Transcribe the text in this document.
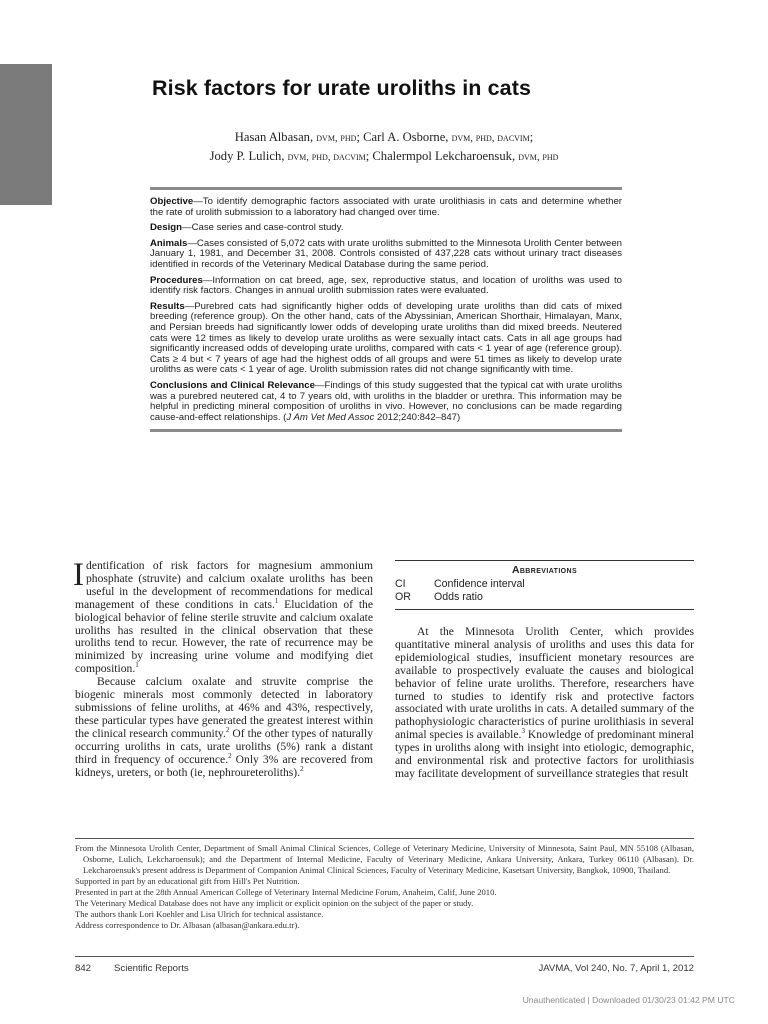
Risk factors for urate uroliths in cats
Hasan Albasan, dvm, phd; Carl A. Osborne, dvm, phd, dacvim;
Jody P. Lulich, dvm, phd, dacvim; Chalermpol Lekcharoensuk, dvm, phd

Objective—To identify demographic factors associated with urate urolithiasis in cats and determine whether the rate of urolith submission to a laboratory had changed over time.

Design—Case series and case-control study.

Animals—Cases consisted of 5,072 cats with urate uroliths submitted to the Minnesota Urolith Center between January 1, 1981, and December 31, 2008. Controls consisted of 437,228 cats without urinary tract diseases identified in records of the Veterinary Medical Database during the same period.

Procedures—Information on cat breed, age, sex, reproductive status, and location of uroliths was used to identify risk factors. Changes in annual urolith submission rates were evaluated.

Results—Purebred cats had significantly higher odds of developing urate uroliths than did cats of mixed breeding (reference group). On the other hand, cats of the Abyssinian, American Shorthair, Himalayan, Manx, and Persian breeds had significantly lower odds of developing urate uroliths than did mixed breeds. Neutered cats were 12 times as likely to develop urate uroliths as were sexually intact cats. Cats in all age groups had significantly increased odds of developing urate uroliths, compared with cats < 1 year of age (reference group). Cats ≥ 4 but < 7 years of age had the highest odds of all groups and were 51 times as likely to develop urate uroliths as were cats < 1 year of age. Urolith submission rates did not change significantly with time.

Conclusions and Clinical Relevance—Findings of this study suggested that the typical cat with urate uroliths was a purebred neutered cat, 4 to 7 years old, with uroliths in the bladder or urethra. This information may be helpful in predicting mineral composition of uroliths in vivo. However, no conclusions can be made regarding cause-and-effect relationships. (J Am Vet Med Assoc 2012;240:842–847)

Identification of risk factors for magnesium ammonium phosphate (struvite) and calcium oxalate uroliths has been useful in the development of recommendations for medical management of these conditions in cats.$^1$ Elucidation of the biological behavior of feline sterile struvite and calcium oxalate uroliths has resulted in the clinical observation that these uroliths tend to recur. However, the rate of recurrence may be minimized by increasing urine volume and modifying diet composition.$^1$

Because calcium oxalate and struvite comprise the biogenic minerals most commonly detected in laboratory submissions of feline uroliths, at 46% and 43%, respectively, these particular types have generated the greatest interest within the clinical research community.$^2$ Of the other types of naturally occurring uroliths in cats, urate uroliths (5%) rank a distant third in frequency of occurence.$^2$ Only 3% are recovered from kidneys, ureters, or both (ie, nephroureteroliths).$^2$

Abbreviations
CI	Confidence interval
OR	Odds ratio

At the Minnesota Urolith Center, which provides quantitative mineral analysis of uroliths and uses this data for epidemiological studies, insufficient monetary resources are available to prospectively evaluate the causes and biological behavior of feline urate uroliths. Therefore, researchers have turned to studies to identify risk and protective factors associated with urate uroliths in cats. A detailed summary of the pathophysiologic characteristics of purine urolithiasis in several animal species is available.$^3$ Knowledge of predominant mineral types in uroliths along with insight into etiologic, demographic, and environmental risk and protective factors for urolithiasis may facilitate development of surveillance strategies that result

From the Minnesota Urolith Center, Department of Small Animal Clinical Sciences, College of Veterinary Medicine, University of Minnesota, Saint Paul, MN 55108 (Albasan, Osborne, Lulich, Lekcharoensuk); and the Department of Internal Medicine, Faculty of Veterinary Medicine, Ankara University, Ankara, Turkey 06110 (Albasan). Dr. Lekcharoensuk's present address is Department of Companion Animal Clinical Sciences, Faculty of Veterinary Medicine, Kasetsart University, Bangkok, 10900, Thailand.

Supported in part by an educational gift from Hill's Pet Nutrition.

Presented in part at the 28th Annual American College of Veterinary Internal Medicine Forum, Anaheim, Calif, June 2010.

The Veterinary Medical Database does not have any implicit or explicit opinion on the subject of the paper or study.

The authors thank Lori Koehler and Lisa Ulrich for technical assistance.

Address correspondence to Dr. Albasan (albasan@ankara.edu.tr).

842 Scientific Reports	JAVMA, Vol 240, No. 7, April 1, 2012
Unauthenticated | Downloaded 01/30/23 01:42 PM UTC
